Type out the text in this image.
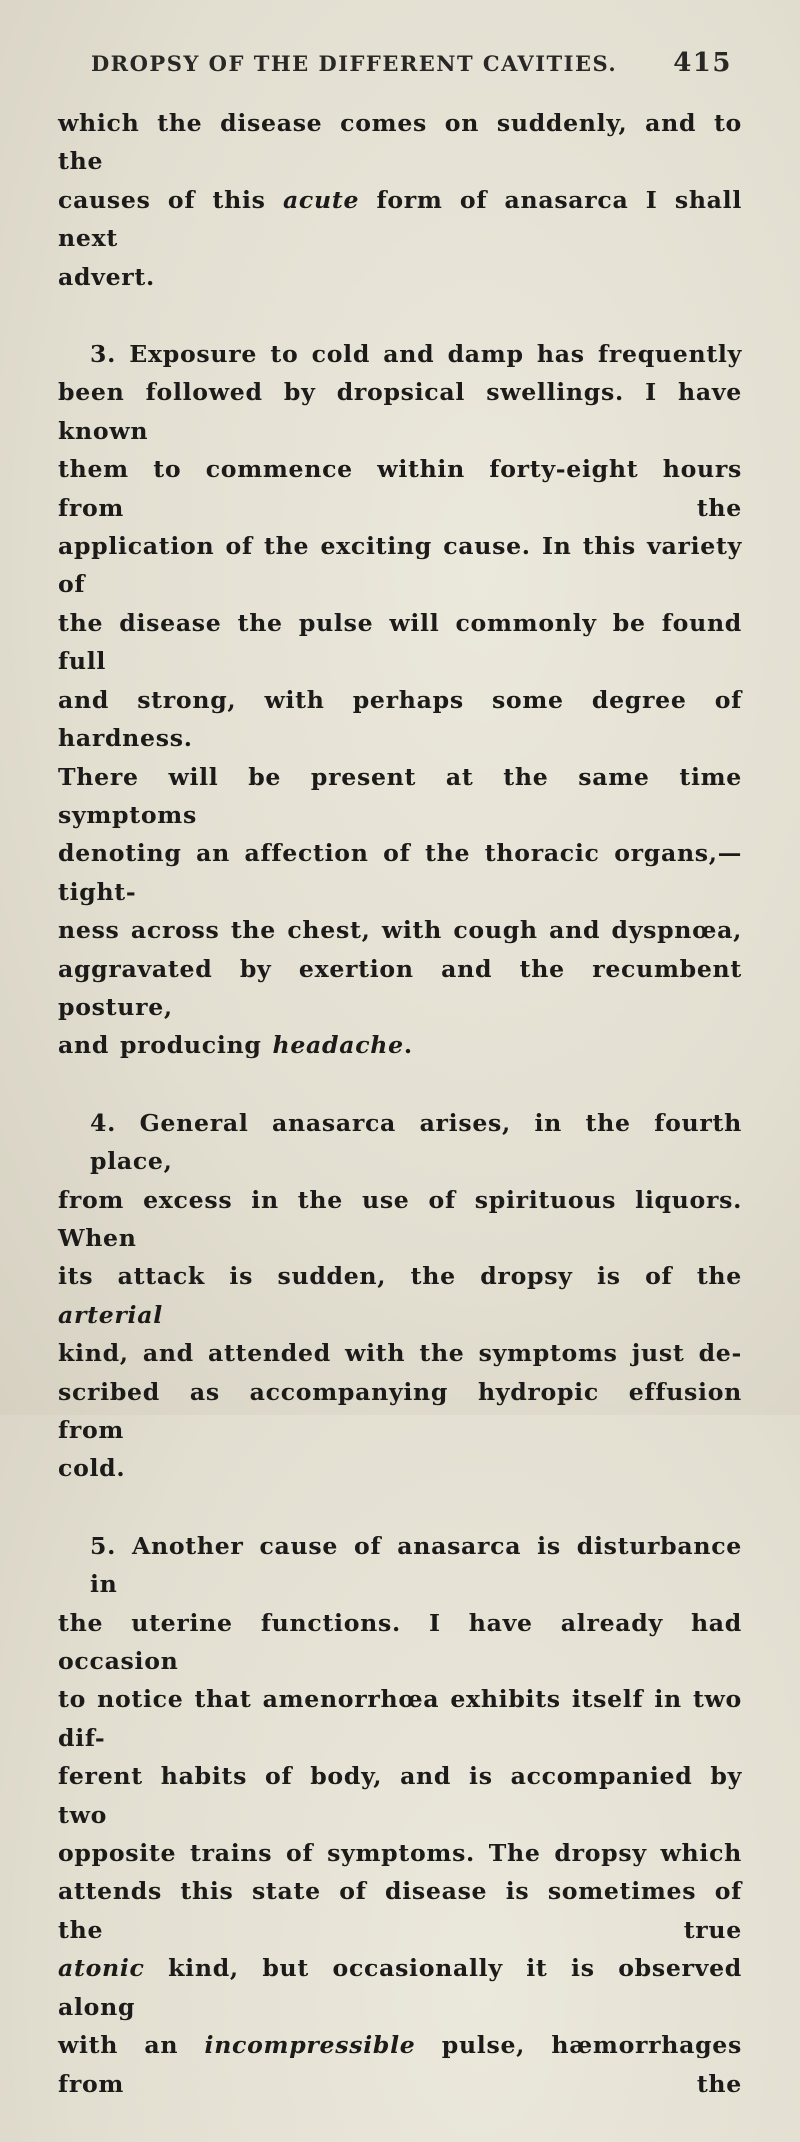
DROPSY OF THE DIFFERENT CAVITIES. 415

which the disease comes on suddenly, and to the
causes of this acute form of anasarca I shall next
advert.

3. Exposure to cold and damp has frequently
been followed by dropsical swellings. I have known
them to commence within forty-eight hours from the
application of the exciting cause. In this variety of
the disease the pulse will commonly be found full
and strong, with perhaps some degree of hardness.
There will be present at the same time symptoms
denoting an affection of the thoracic organs,—tight-
ness across the chest, with cough and dyspnœa,
aggravated by exertion and the recumbent posture,
and producing headache.

4. General anasarca arises, in the fourth place,
from excess in the use of spirituous liquors. When
its attack is sudden, the dropsy is of the arterial
kind, and attended with the symptoms just de-
scribed as accompanying hydropic effusion from
cold.

5. Another cause of anasarca is disturbance in
the uterine functions. I have already had occasion
to notice that amenorrhœa exhibits itself in two dif-
ferent habits of body, and is accompanied by two
opposite trains of symptoms. The dropsy which
attends this state of disease is sometimes of the true
atonic kind, but occasionally it is observed along
with an incompressible pulse, hæmorrhages from the
